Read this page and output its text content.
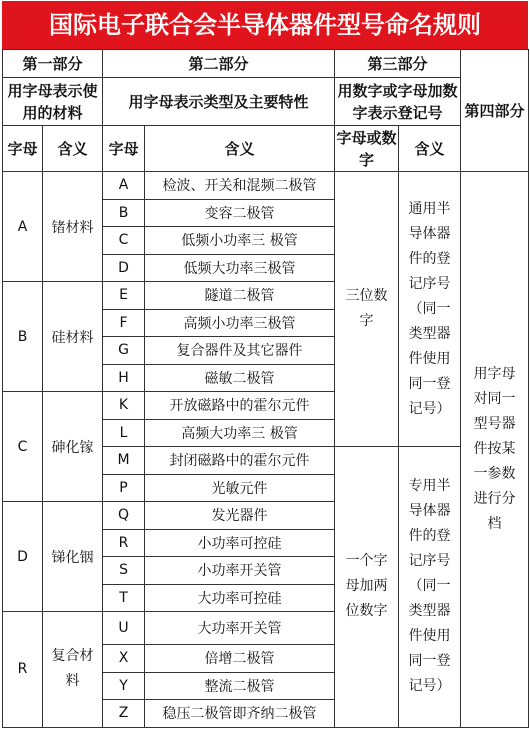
国际电子联合会半导体器件型号命名规则
第一部分		第二部分		第三部分		第四部分
用字母表示使用的材料		用字母表示类型及主要特性		用数字或字母加数字表示登记号		
字母	含义	字母	含义	字母或数字	含义	
A	锗材料	A	检波、开关和混频二极管	三位数字	通用半导体器件的登记序号（同一类型器件使用同一登记号）	用字母对同一型号器件按某一参数进行分档
		B	变容二极管			
		C	低频小功率三 极管			
		D	低频大功率三极管			
B	硅材料	E	隧道二极管			
		F	高频小功率三极管			
		G	复合器件及其它器件			
		H	磁敏二极管			
C	砷化镓	K	开放磁路中的霍尔元件			
		L	高频大功率三 极管			
		M	封闭磁路中的霍尔元件	一个字母加两位数字	专用半导体器件的登记序号（同一类型器件使用同一登记号）	
		P	光敏元件			
D	锑化铟	Q	发光器件			
		R	小功率可控硅			
		S	小功率开关管			
		T	大功率可控硅			
R	复合材料	U	大功率开关管			
		X	倍增二极管			
		Y	整流二极管			
		Z	稳压二极管即齐纳二极管			
